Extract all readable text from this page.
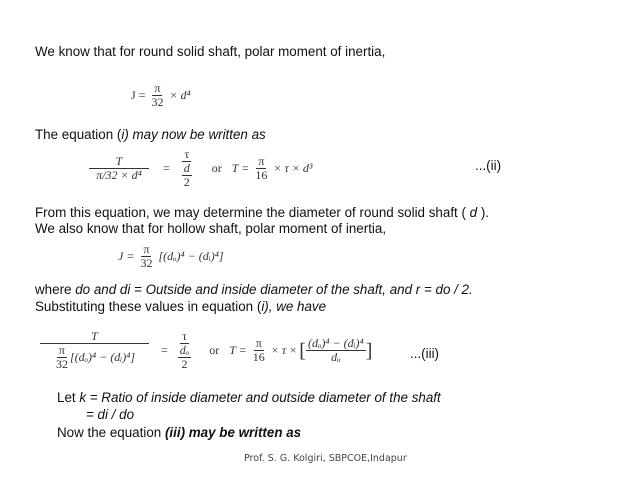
We know that for round solid shaft, polar moment of inertia,
$J = \frac{\pi}{32} \times d^4$
The equation (i) may now be written as
$\frac{T}{\text{π/32 × d⁴}} = \frac{\tau}{\frac{d}{2}}$ or $T = \frac{\pi}{16} \times \tau \times d^3$	...(ii)
From this equation, we may determine the diameter of round solid shaft ( d ).
We also know that for hollow shaft, polar moment of inertia,
$J = \frac{\pi}{32} [(d_o)^4$ − (dᵢ)⁴]
where do and di = Outside and inside diameter of the shaft, and r = do / 2.
Substituting these values in equation (i), we have
$\frac{T}{\frac{\pi}{32} [(d_o)^4 - (dᵢ)^4]} = \frac{\tau}{\frac{\text{dₒ}}{2}}$ or $T = \frac{\pi}{16} \times \tau$ × [ $\frac{\text{(dₒ)⁴ − (dᵢ)⁴}}{\text{dₒ}}$ ]	...(iii)
Let k = Ratio of inside diameter and outside diameter of the shaft
= di / do
Now the equation (iii) may be written as
Prof. S. G. Kolgiri, SBPCOE,Indapur
